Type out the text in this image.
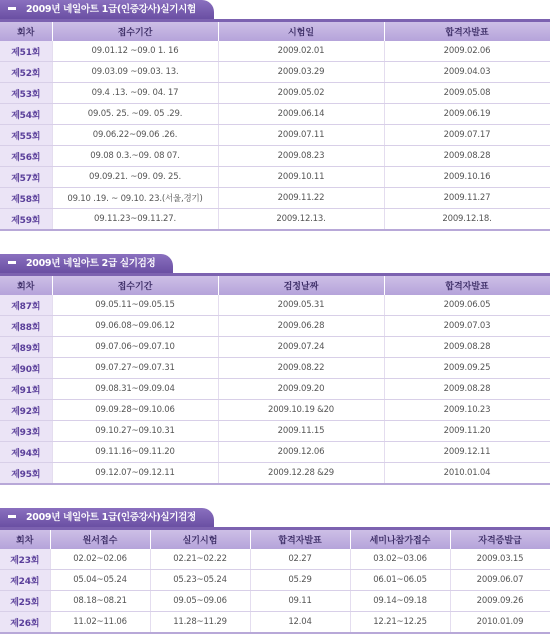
2009년 네일아트 1급(인증강사)실기시험
회차	접수기간	시험일	합격자발표
제51회	09.01.12 ~09.0 1. 16	2009.02.01	2009.02.06
제52회	09.03.09 ~09.03. 13.	2009.03.29	2009.04.03
제53회	09.4 .13. ~09. 04. 17	2009.05.02	2009.05.08
제54회	09.05. 25. ~09. 05 .29.	2009.06.14	2009.06.19
제55회	09.06.22~09.06 .26.	2009.07.11	2009.07.17
제56회	09.08 0.3.~09. 08 07.	2009.08.23	2009.08.28
제57회	09.09.21. ~09. 09. 25.	2009.10.11	2009.10.16
제58회	09.10 .19. ~ 09.10. 23.(서울,경기)	2009.11.22	2009.11.27
제59회	09.11.23~09.11.27.	2009.12.13.	2009.12.18.
2009년 네일아트 2급 실기검정
회차	접수기간	검정날짜	합격자발표
제87회	09.05.11~09.05.15	2009.05.31	2009.06.05
제88회	09.06.08~09.06.12	2009.06.28	2009.07.03
제89회	09.07.06~09.07.10	2009.07.24	2009.08.28
제90회	09.07.27~09.07.31	2009.08.22	2009.09.25
제91회	09.08.31~09.09.04	2009.09.20	2009.08.28
제92회	09.09.28~09.10.06	2009.10.19 &20	2009.10.23
제93회	09.10.27~09.10.31	2009.11.15	2009.11.20
제94회	09.11.16~09.11.20	2009.12.06	2009.12.11
제95회	09.12.07~09.12.11	2009.12.28 &29	2010.01.04
2009년 네일아트 1급(인증강사)실기검정
회차	원서접수	실기시험	합격자발표	세미나참가접수	자격증발급
제23회	02.02~02.06	02.21~02.22	02.27	03.02~03.06	2009.03.15
제24회	05.04~05.24	05.23~05.24	05.29	06.01~06.05	2009.06.07
제25회	08.18~08.21	09.05~09.06	09.11	09.14~09.18	2009.09.26
제26회	11.02~11.06	11.28~11.29	12.04	12.21~12.25	2010.01.09
